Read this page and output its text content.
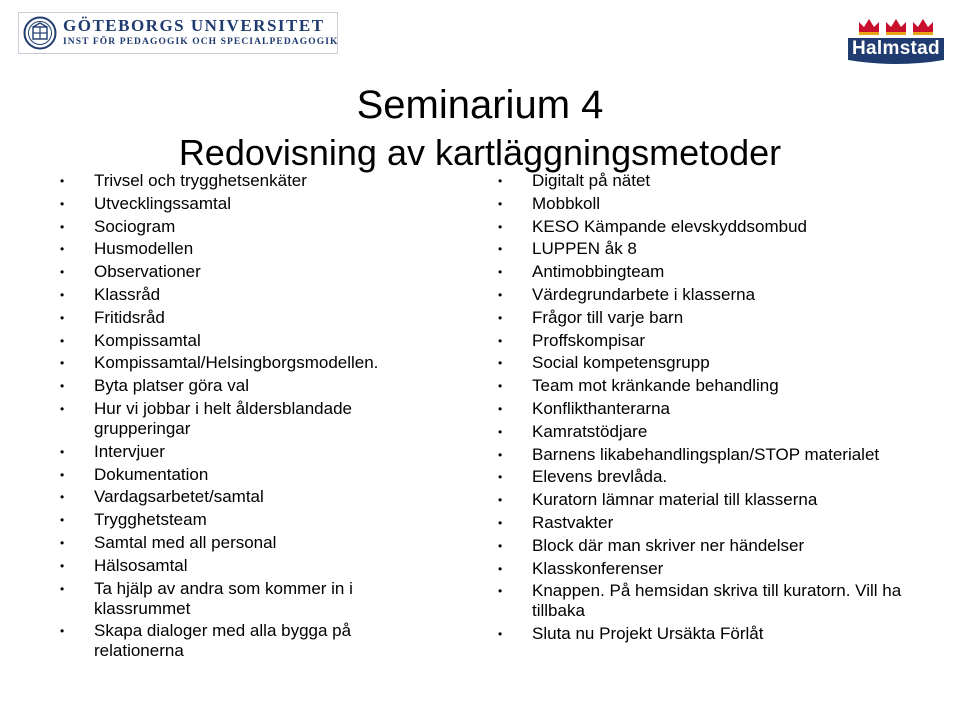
GÖTEBORGS UNIVERSITET
INST FÖR PEDAGOGIK OCH SPECIALPEDAGOGIK	Halmstad
Seminarium 4
Redovisning av kartläggningsmetoder
• Trivsel och trygghetsenkäter
• Utvecklingssamtal
• Sociogram
• Husmodellen
• Observationer
• Klassråd
• Fritidsråd
• Kompissamtal
• Kompissamtal/Helsingborgsmodellen.
• Byta platser göra val
• Hur vi jobbar i helt åldersblandade grupperingar
• Intervjuer
• Dokumentation
• Vardagsarbetet/samtal
• Trygghetsteam
• Samtal med all personal
• Hälsosamtal
• Ta hjälp av andra som kommer in i klassrummet
• Skapa dialoger med alla bygga på relationerna
• Digitalt på nätet
• Mobbkoll
• KESO Kämpande elevskyddsombud
• LUPPEN åk 8
• Antimobbingteam
• Värdegrundarbete i klasserna
• Frågor till varje barn
• Proffskompisar
• Social kompetensgrupp
• Team mot kränkande behandling
• Konflikthanterarna
• Kamratstödjare
• Barnens likabehandlingsplan/STOP materialet
• Elevens brevlåda.
• Kuratorn lämnar material till klasserna
• Rastvakter
• Block där man skriver ner händelser
• Klasskonferenser
• Knappen. På hemsidan skriva till kuratorn. Vill ha tillbaka
• Sluta nu Projekt Ursäkta Förlåt
